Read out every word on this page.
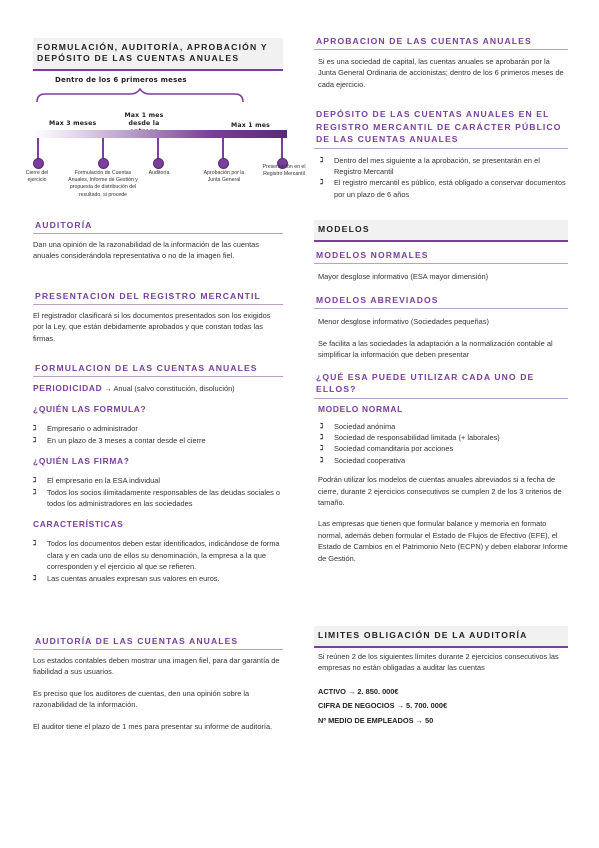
FORMULACIÓN, AUDITORÍA, APROBACIÓN Y DEPÓSITO DE LAS CUENTAS ANUALES
Dentro de los 6 primeros meses
Max 3 meses
Max 1 mes desde la	Max 1 mes
Cierre del ejercicio
Formulación de Cuentas Anuales, Informe de Gestión y propuesta de distribución del resultado, si procede
Auditoría	Aprobación por la Junta General
Presentación en el Registro Mercantil
AUDITORÍA

Dan una opinión de la razonabilidad de la información de las cuentas anuales considerándola representativa o no de la imagen fiel.

PRESENTACION DEL REGISTRO MERCANTIL

El registrador clasificará si los documentos presentados son los exigidos por la Ley, que están debidamente aprobados y que constan todas las firmas.

FORMULACION DE LAS CUENTAS ANUALES

PERIODICIDAD → Anual (salvo constitución, disolución)

¿QUIÉN LAS FORMULA?
ℷ	Empresario o administrador
ℷ	En un plazo de 3 meses a contar desde el cierre
¿QUIÉN LAS FIRMA?
ℷ	El empresario en la ESA individual
ℷ	Todos los socios ilimitadamente responsables de las deudas sociales o todos los administradores en las sociedades
CARACTERÍSTICAS
ℷ	Todos los documentos deben estar identificados, indicándose de forma clara y en cada uno de ellos su denominación, la empresa a la que corresponden y el ejercicio al que se refieren.
ℷ	Las cuentas anuales expresan sus valores en euros.
AUDITORÍA DE LAS CUENTAS ANUALES

Los estados contables deben mostrar una imagen fiel, para dar garantía de fiabilidad a sus usuarios.

Es preciso que los auditores de cuentas, den una opinión sobre la razonabilidad de la información.

El auditor tiene el plazo de 1 mes para presentar su informe de auditoría.

APROBACION DE LAS CUENTAS ANUALES

Si es una sociedad de capital, las cuentas anuales se aprobarán por la Junta General Ordinaria de accionistas; dentro de los 6 primeros meses de cada ejercicio.

DEPÓSITO DE LAS CUENTAS ANUALES EN EL REGISTRO MERCANTIL DE CARÁCTER PÚBLICO DE LAS CUENTAS ANUALES
ℷ	Dentro del mes siguiente a la aprobación, se presentarán en el Registro Mercantil
ℷ	El registro mercantil es público, está obligado a conservar documentos por un plazo de 6 años
MODELOS
MODELOS NORMALES

Mayor desglose informativo (ESA mayor dimensión)

MODELOS ABREVIADOS

Menor desglose informativo (Sociedades pequeñas)

Se facilita a las sociedades la adaptación a la normalización contable al simplificar la información que deben presentar

¿QUÉ ESA PUEDE UTILIZAR CADA UNO DE ELLOS?
MODELO NORMAL
ℷ	Sociedad anónima
ℷ	Sociedad de responsabilidad limitada (+ laborales)
ℷ	Sociedad comanditaria por acciones
ℷ	Sociedad cooperativa

Podrán utilizar los modelos de cuentas anuales abreviados si a fecha de cierre, durante 2 ejercicios consecutivos se cumplen 2 de los 3 criterios de tamaño.

Las empresas que tienen que formular balance y memoria en formato normal, además deben formular el Estado de Flujos de Efectivo (EFE), el Estado de Cambios en el Patrimonio Neto (ECPN) y deben elaborar Informe de Gestión.

LIMITES OBLIGACIÓN DE LA AUDITORÍA

Si reúnen 2 de los siguientes límites durante 2 ejercicios consecutivos las empresas no están obligadas a auditar las cuentas

ACTIVO → 2. 850. 000€

CIFRA DE NEGOCIOS → 5. 700. 000€

Nº MEDIO DE EMPLEADOS → 50
